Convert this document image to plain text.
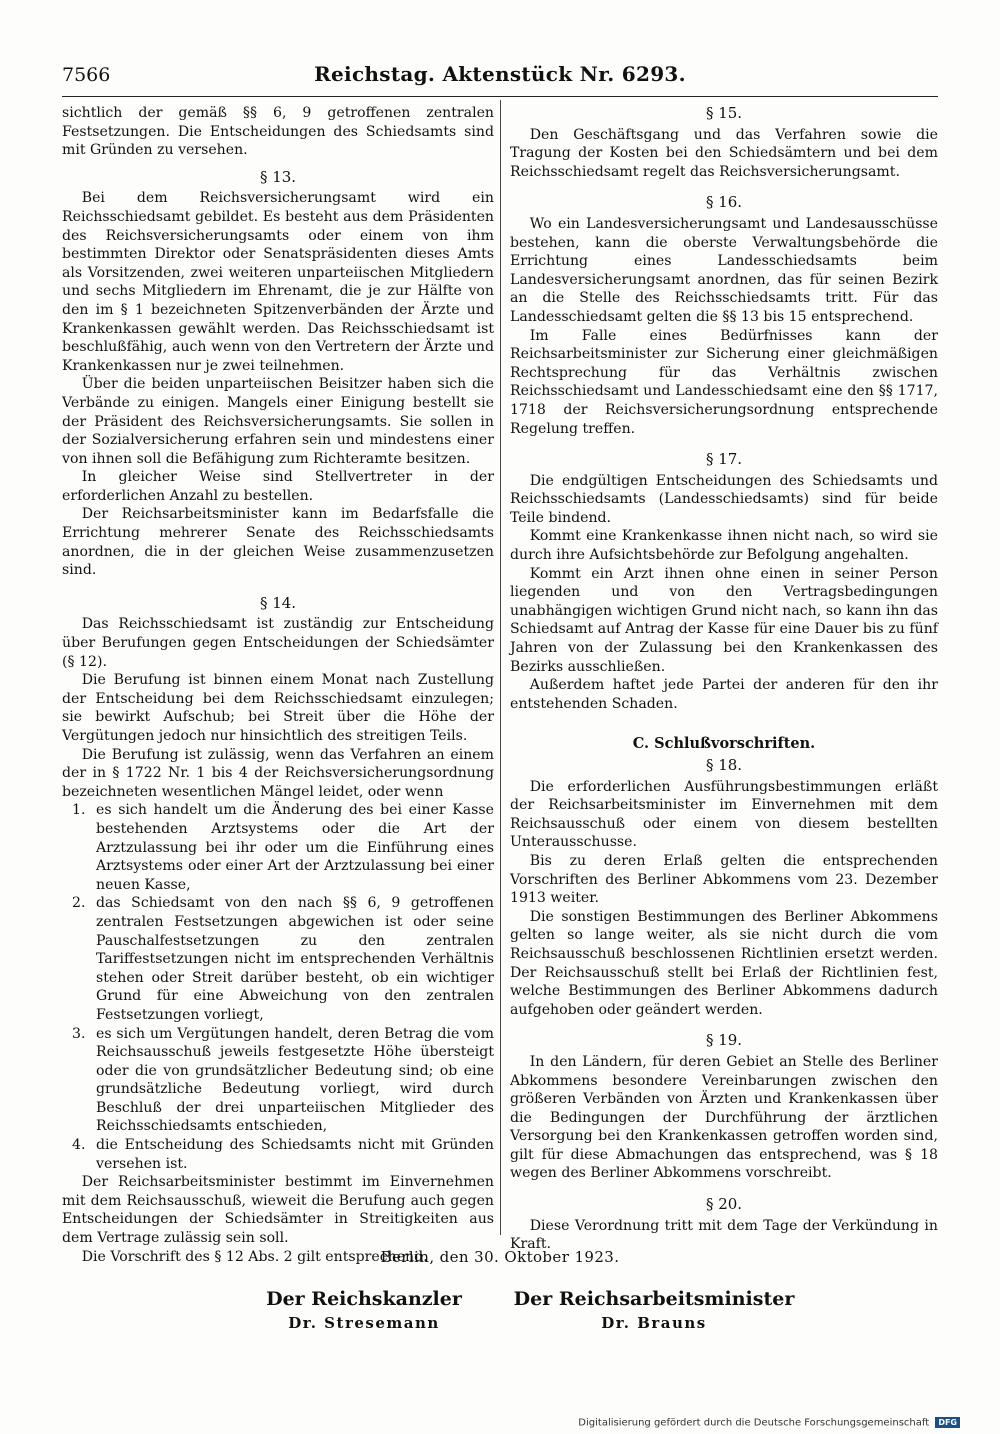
7566	Reichstag. Aktenstück Nr. 6293.

sichtlich der gemäß §§ 6, 9 getroffenen zentralen Festsetzungen. Die Entscheidungen des Schiedsamts sind mit Gründen zu versehen.

§ 13.

Bei dem Reichsversicherungsamt wird ein Reichsschiedsamt gebildet. Es besteht aus dem Präsidenten des Reichsversicherungsamts oder einem von ihm bestimmten Direktor oder Senatspräsidenten dieses Amts als Vorsitzenden, zwei weiteren unparteiischen Mitgliedern und sechs Mitgliedern im Ehrenamt, die je zur Hälfte von den im § 1 bezeichneten Spitzenverbänden der Ärzte und Krankenkassen gewählt werden. Das Reichsschiedsamt ist beschlußfähig, auch wenn von den Vertretern der Ärzte und Krankenkassen nur je zwei teilnehmen.

Über die beiden unparteiischen Beisitzer haben sich die Verbände zu einigen. Mangels einer Einigung bestellt sie der Präsident des Reichsversicherungsamts. Sie sollen in der Sozialversicherung erfahren sein und mindestens einer von ihnen soll die Befähigung zum Richteramte besitzen.

In gleicher Weise sind Stellvertreter in der erforderlichen Anzahl zu bestellen.

Der Reichsarbeitsminister kann im Bedarfsfalle die Errichtung mehrerer Senate des Reichsschiedsamts anordnen, die in der gleichen Weise zusammenzusetzen sind.

§ 14.

Das Reichsschiedsamt ist zuständig zur Entscheidung über Berufungen gegen Entscheidungen der Schiedsämter (§ 12).

Die Berufung ist binnen einem Monat nach Zustellung der Entscheidung bei dem Reichsschiedsamt einzulegen; sie bewirkt Aufschub; bei Streit über die Höhe der Vergütungen jedoch nur hinsichtlich des streitigen Teils.

Die Berufung ist zulässig, wenn das Verfahren an einem der in § 1722 Nr. 1 bis 4 der Reichsversicherungsordnung bezeichneten wesentlichen Mängel leidet, oder wenn

1. es sich handelt um die Änderung des bei einer Kasse bestehenden Arztsystems oder die Art der Arztzulassung bei ihr oder um die Einführung eines Arztsystems oder einer Art der Arztzulassung bei einer neuen Kasse,
2. das Schiedsamt von den nach §§ 6, 9 getroffenen zentralen Festsetzungen abgewichen ist oder seine Pauschalfestsetzungen zu den zentralen Tariffestsetzungen nicht im entsprechenden Verhältnis stehen oder Streit darüber besteht, ob ein wichtiger Grund für eine Abweichung von den zentralen Festsetzungen vorliegt,
3. es sich um Vergütungen handelt, deren Betrag die vom Reichsausschuß jeweils festgesetzte Höhe übersteigt oder die von grundsätzlicher Bedeutung sind; ob eine grundsätzliche Bedeutung vorliegt, wird durch Beschluß der drei unparteiischen Mitglieder des Reichsschiedsamts entschieden,
4. die Entscheidung des Schiedsamts nicht mit Gründen versehen ist.

Der Reichsarbeitsminister bestimmt im Einvernehmen mit dem Reichsausschuß, wieweit die Berufung auch gegen Entscheidungen der Schiedsämter in Streitigkeiten aus dem Vertrage zulässig sein soll.

Die Vorschrift des § 12 Abs. 2 gilt entsprechend.

§ 15.

Den Geschäftsgang und das Verfahren sowie die Tragung der Kosten bei den Schiedsämtern und bei dem Reichsschiedsamt regelt das Reichsversicherungsamt.

§ 16.

Wo ein Landesversicherungsamt und Landesausschüsse bestehen, kann die oberste Verwaltungsbehörde die Errichtung eines Landesschiedsamts beim Landesversicherungsamt anordnen, das für seinen Bezirk an die Stelle des Reichsschiedsamts tritt. Für das Landesschiedsamt gelten die §§ 13 bis 15 entsprechend.

Im Falle eines Bedürfnisses kann der Reichsarbeitsminister zur Sicherung einer gleichmäßigen Rechtsprechung für das Verhältnis zwischen Reichsschiedsamt und Landesschiedsamt eine den §§ 1717, 1718 der Reichsversicherungsordnung entsprechende Regelung treffen.

§ 17.

Die endgültigen Entscheidungen des Schiedsamts und Reichsschiedsamts (Landesschiedsamts) sind für beide Teile bindend.

Kommt eine Krankenkasse ihnen nicht nach, so wird sie durch ihre Aufsichtsbehörde zur Befolgung angehalten.

Kommt ein Arzt ihnen ohne einen in seiner Person liegenden und von den Vertragsbedingungen unabhängigen wichtigen Grund nicht nach, so kann ihn das Schiedsamt auf Antrag der Kasse für eine Dauer bis zu fünf Jahren von der Zulassung bei den Krankenkassen des Bezirks ausschließen.

Außerdem haftet jede Partei der anderen für den ihr entstehenden Schaden.

C. Schlußvorschriften.
§ 18.

Die erforderlichen Ausführungsbestimmungen erläßt der Reichsarbeitsminister im Einvernehmen mit dem Reichsausschuß oder einem von diesem bestellten Unterausschusse.

Bis zu deren Erlaß gelten die entsprechenden Vorschriften des Berliner Abkommens vom 23. Dezember 1913 weiter.

Die sonstigen Bestimmungen des Berliner Abkommens gelten so lange weiter, als sie nicht durch die vom Reichsausschuß beschlossenen Richtlinien ersetzt werden. Der Reichsausschuß stellt bei Erlaß der Richtlinien fest, welche Bestimmungen des Berliner Abkommens dadurch aufgehoben oder geändert werden.

§ 19.

In den Ländern, für deren Gebiet an Stelle des Berliner Abkommens besondere Vereinbarungen zwischen den größeren Verbänden von Ärzten und Krankenkassen über die Bedingungen der Durchführung der ärztlichen Versorgung bei den Krankenkassen getroffen worden sind, gilt für diese Abmachungen das entsprechend, was § 18 wegen des Berliner Abkommens vorschreibt.

§ 20.

Diese Verordnung tritt mit dem Tage der Verkündung in Kraft.

Berlin, den 30. Oktober 1923.
Der Reichskanzler
Dr. Stresemann
Der Reichsarbeitsminister
Dr. Brauns
Digitalisierung gefördert durch die Deutsche Forschungsgemeinschaft DFG
